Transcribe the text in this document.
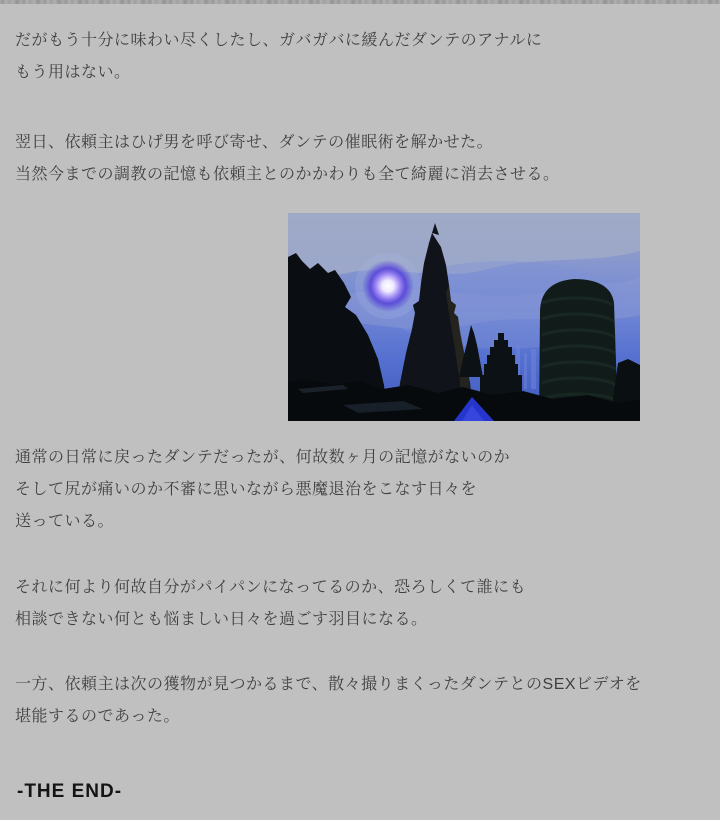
だがもう十分に味わい尽くしたし、ガバガバに緩んだダンテのアナルに
もう用はない。
翌日、依頼主はひげ男を呼び寄せ、ダンテの催眠術を解かせた。
当然今までの調教の記憶も依頼主とのかかわりも全て綺麗に消去させる。
通常の日常に戻ったダンテだったが、何故数ヶ月の記憶がないのか
そして尻が痛いのか不審に思いながら悪魔退治をこなす日々を
送っている。
それに何より何故自分がパイパンになってるのか、恐ろしくて誰にも
相談できない何とも悩ましい日々を過ごす羽目になる。
一方、依頼主は次の獲物が見つかるまで、散々撮りまくったダンテとのSEXビデオを
堪能するのであった。
-THE END-
